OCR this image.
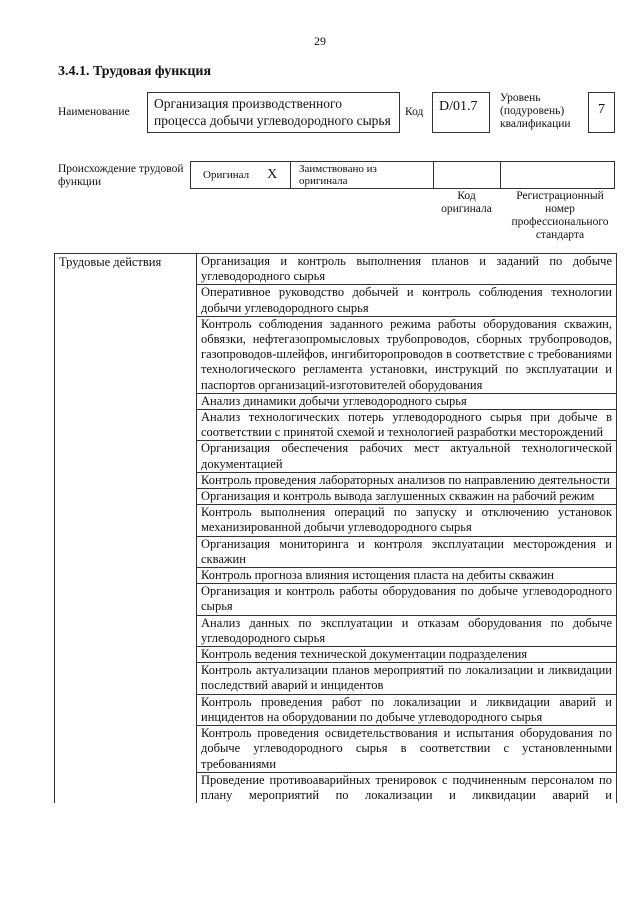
29
3.4.1. Трудовая функция
Наименование
Организация производственного процесса добычи углеводородного сырья
Код	D/01.7
Уровень (подуровень) квалификации
7
Происхождение трудовой функции
Оригинал X	Заимствовано из оригинала
Код оригинала
Регистрационный номер профессионального стандарта
Трудовые действия	Организация и контроль выполнения планов и заданий по добыче углеводородного сырья
Оперативное руководство добычей и контроль соблюдения технологии добычи углеводородного сырья
Контроль соблюдения заданного режима работы оборудования скважин, обвязки, нефтегазопромысловых трубопроводов, сборных трубопроводов, газопроводов-шлейфов, ингибиторопроводов в соответствие с требованиями технологического регламента установки, инструкций по эксплуатации и паспортов организаций-изготовителей оборудования
Анализ динамики добычи углеводородного сырья
Анализ технологических потерь углеводородного сырья при добыче в соответствии с принятой схемой и технологией разработки месторождений
Организация обеспечения рабочих мест актуальной технологической документацией
Контроль проведения лабораторных анализов по направлению деятельности
Организация и контроль вывода заглушенных скважин на рабочий режим
Контроль выполнения операций по запуску и отключению установок механизированной добычи углеводородного сырья
Организация мониторинга и контроля эксплуатации месторождения и скважин
Контроль прогноза влияния истощения пласта на дебиты скважин
Организация и контроль работы оборудования по добыче углеводородного сырья
Анализ данных по эксплуатации и отказам оборудования по добыче углеводородного сырья
Контроль ведения технической документации подразделения
Контроль актуализации планов мероприятий по локализации и ликвидации последствий аварий и инцидентов
Контроль проведения работ по локализации и ликвидации аварий и инцидентов на оборудовании по добыче углеводородного сырья
Контроль проведения освидетельствования и испытания оборудования по добыче углеводородного сырья в соответствии с установленными требованиями
Проведение противоаварийных тренировок с подчиненным персоналом по плану мероприятий по локализации и ликвидации аварий и
